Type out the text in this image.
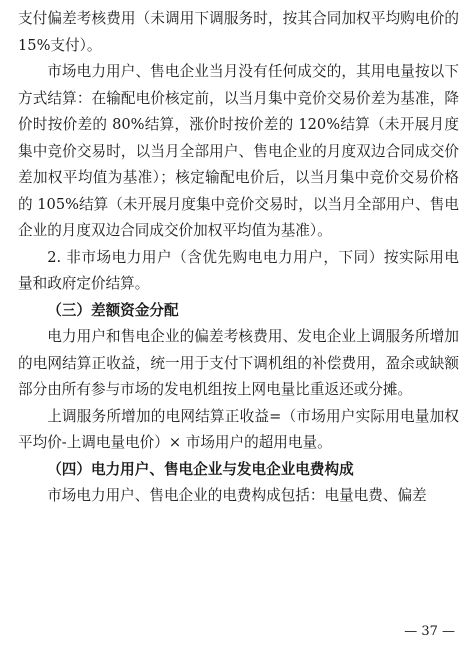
支付偏差考核费用（未调用下调服务时，按其合同加权平均购电价的 15%支付）。

市场电力用户、售电企业当月没有任何成交的，其用电量按以下方式结算：在输配电价核定前，以当月集中竞价交易价差为基准，降价时按价差的 80%结算，涨价时按价差的 120%结算（未开展月度集中竞价交易时，以当月全部用户、售电企业的月度双边合同成交价差加权平均值为基准）；核定输配电价后，以当月集中竞价交易价格的 105%结算（未开展月度集中竞价交易时，以当月全部用户、售电企业的月度双边合同成交价加权平均值为基准）。

2. 非市场电力用户（含优先购电电力用户，下同）按实际用电量和政府定价结算。

（三）差额资金分配

电力用户和售电企业的偏差考核费用、发电企业上调服务所增加的电网结算正收益，统一用于支付下调机组的补偿费用，盈余或缺额部分由所有参与市场的发电机组按上网电量比重返还或分摊。

上调服务所增加的电网结算正收益=（市场用户实际用电量加权平均价-上调电量电价）× 市场用户的超用电量。

（四）电力用户、售电企业与发电企业电费构成

市场电力用户、售电企业的电费构成包括：电量电费、偏差

— 37 —
